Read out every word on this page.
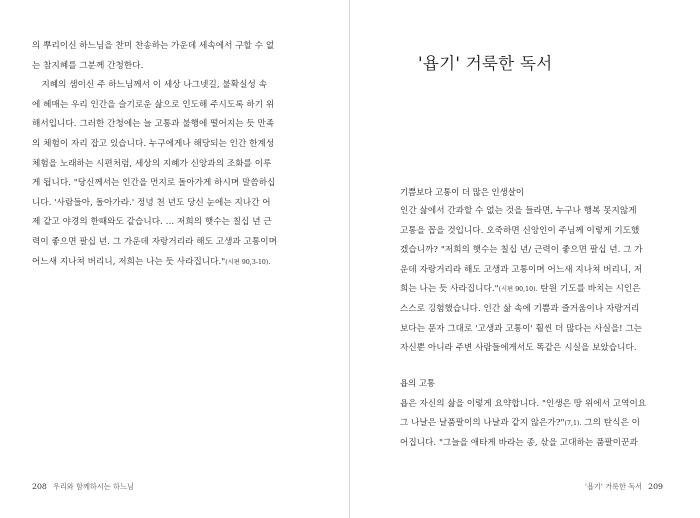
의 뿌리이신 하느님을 찬미 찬송하는 가운데 세속에서 구할 수 없
는 참지혜를 그분께 간청한다.

지혜의 샘이신 주 하느님께서 이 세상 나그넷길, 불확실성 속
에 헤매는 우리 인간을 슬기로운 삶으로 인도해 주시도록 하기 위
해서입니다. 그러한 간청에는 늘 고통과 불행에 떨어지는 듯 만족
의 체험이 자리 잡고 있습니다. 누구에게나 해당되는 인간 한계성
체험을 노래하는 시편처럼, 세상의 지혜가 신앙과의 조화를 이루
게 됩니다. "당신께서는 인간을 먼지로 돌아가게 하시며 말씀하십
니다. '사람들아, 돌아가라.' 정녕 천 년도 당신 눈에는 지나간 어
제 같고 야경의 한때와도 같습니다. … 저희의 햇수는 칠십 년 근
력이 좋으면 팔십 년. 그 가운데 자랑거리라 해도 고생과 고통이며
어느새 지나쳐 버리니, 저희는 나는 듯 사라집니다."(시편 90,3-10).

208 우리와 함께하시는 하느님

기쁨보다 고통이 더 많은 인생살이

인간 삶에서 간과할 수 없는 것을 들라면, 누구나 행복 못지않게
고통을 꼽을 것입니다. 오죽하면 신앙인이 주님께 이렇게 기도했
겠습니까? "저희의 햇수는 칠십 년/ 근력이 좋으면 팔십 년. 그 가
운데 자랑거리라 해도 고생과 고통이며 어느새 지나쳐 버리니, 저
희는 나는 듯 사라집니다."(시편 90,10). 탄원 기도를 바치는 시인은
스스로 깅험했습니다. 인간 삶 속에 기쁨과 즐거움이나 자랑거리
보다는 문자 그대로 '고생과 고통이' 훨씬 더 많다는 사실을! 그는
자신뿐 아니라 주변 사람들에게서도 똑같은 시실을 보았습니다.

욥의 고통

욥은 자신의 삶을 이렇게 요약합니다. "인생은 땅 위에서 고역이요
그 나날은 날품팔이의 나날과 같지 않은가?"(7,1). 그의 탄식은 이
어집니다. "그늘을 애타게 바라는 종, 삯을 고대하는 품팔이꾼과

'욥기' 거룩한 독서 209
'욥기' 거룩한 독서
